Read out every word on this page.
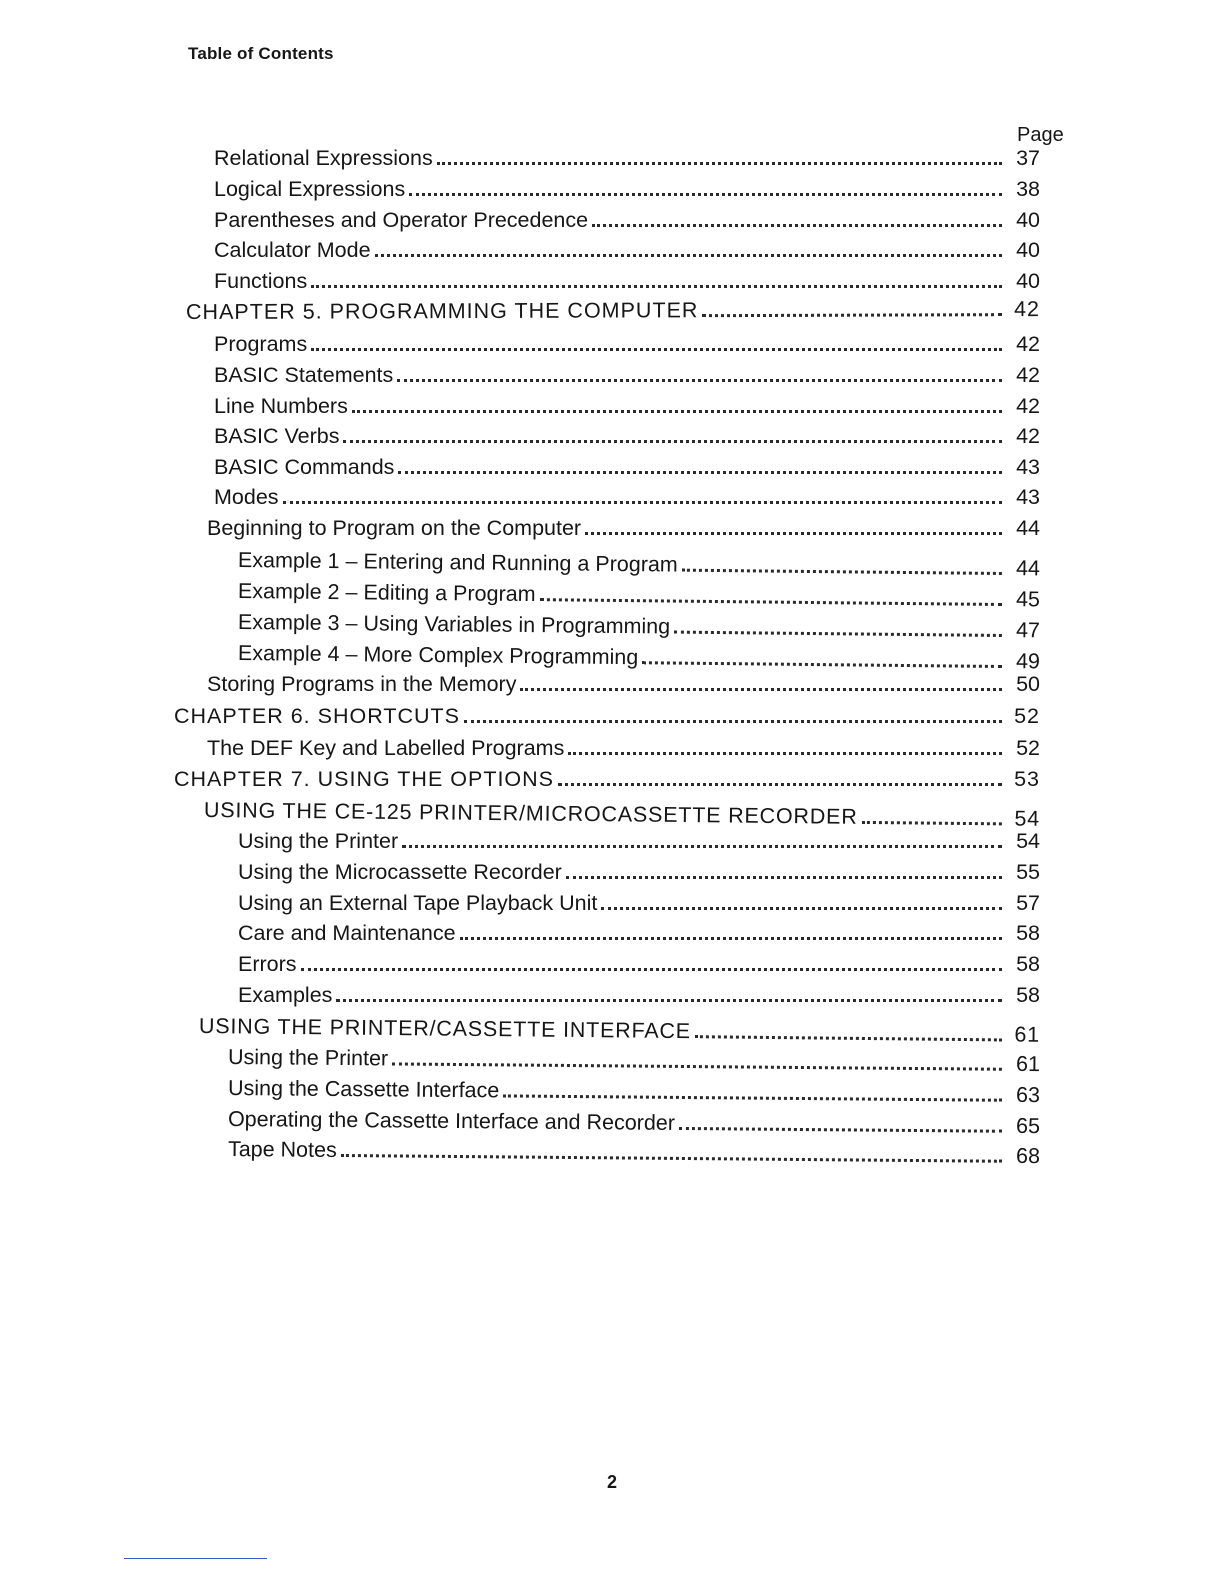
Table of Contents
Page
Relational Expressions	37
Logical Expressions	38
Parentheses and Operator Precedence	40
Calculator Mode	40
Functions	40
CHAPTER 5. PROGRAMMING THE COMPUTER	42
Programs	42
BASIC Statements	42
Line Numbers	42
BASIC Verbs	42
BASIC Commands	43
Modes	43
Beginning to Program on the Computer	44
Example 1 – Entering and Running a Program	44
Example 2 – Editing a Program	45
Example 3 – Using Variables in Programming	47
Example 4 – More Complex Programming	49
Storing Programs in the Memory	50
CHAPTER 6. SHORTCUTS	52
The DEF Key and Labelled Programs	52
CHAPTER 7. USING THE OPTIONS	53
USING THE CE-125 PRINTER/MICROCASSETTE RECORDER	54
Using the Printer	54
Using the Microcassette Recorder	55
Using an External Tape Playback Unit	57
Care and Maintenance	58
Errors	58
Examples	58
USING THE PRINTER/CASSETTE INTERFACE	61
Using the Printer	61
Using the Cassette Interface	63
Operating the Cassette Interface and Recorder	65
Tape Notes	68
2
